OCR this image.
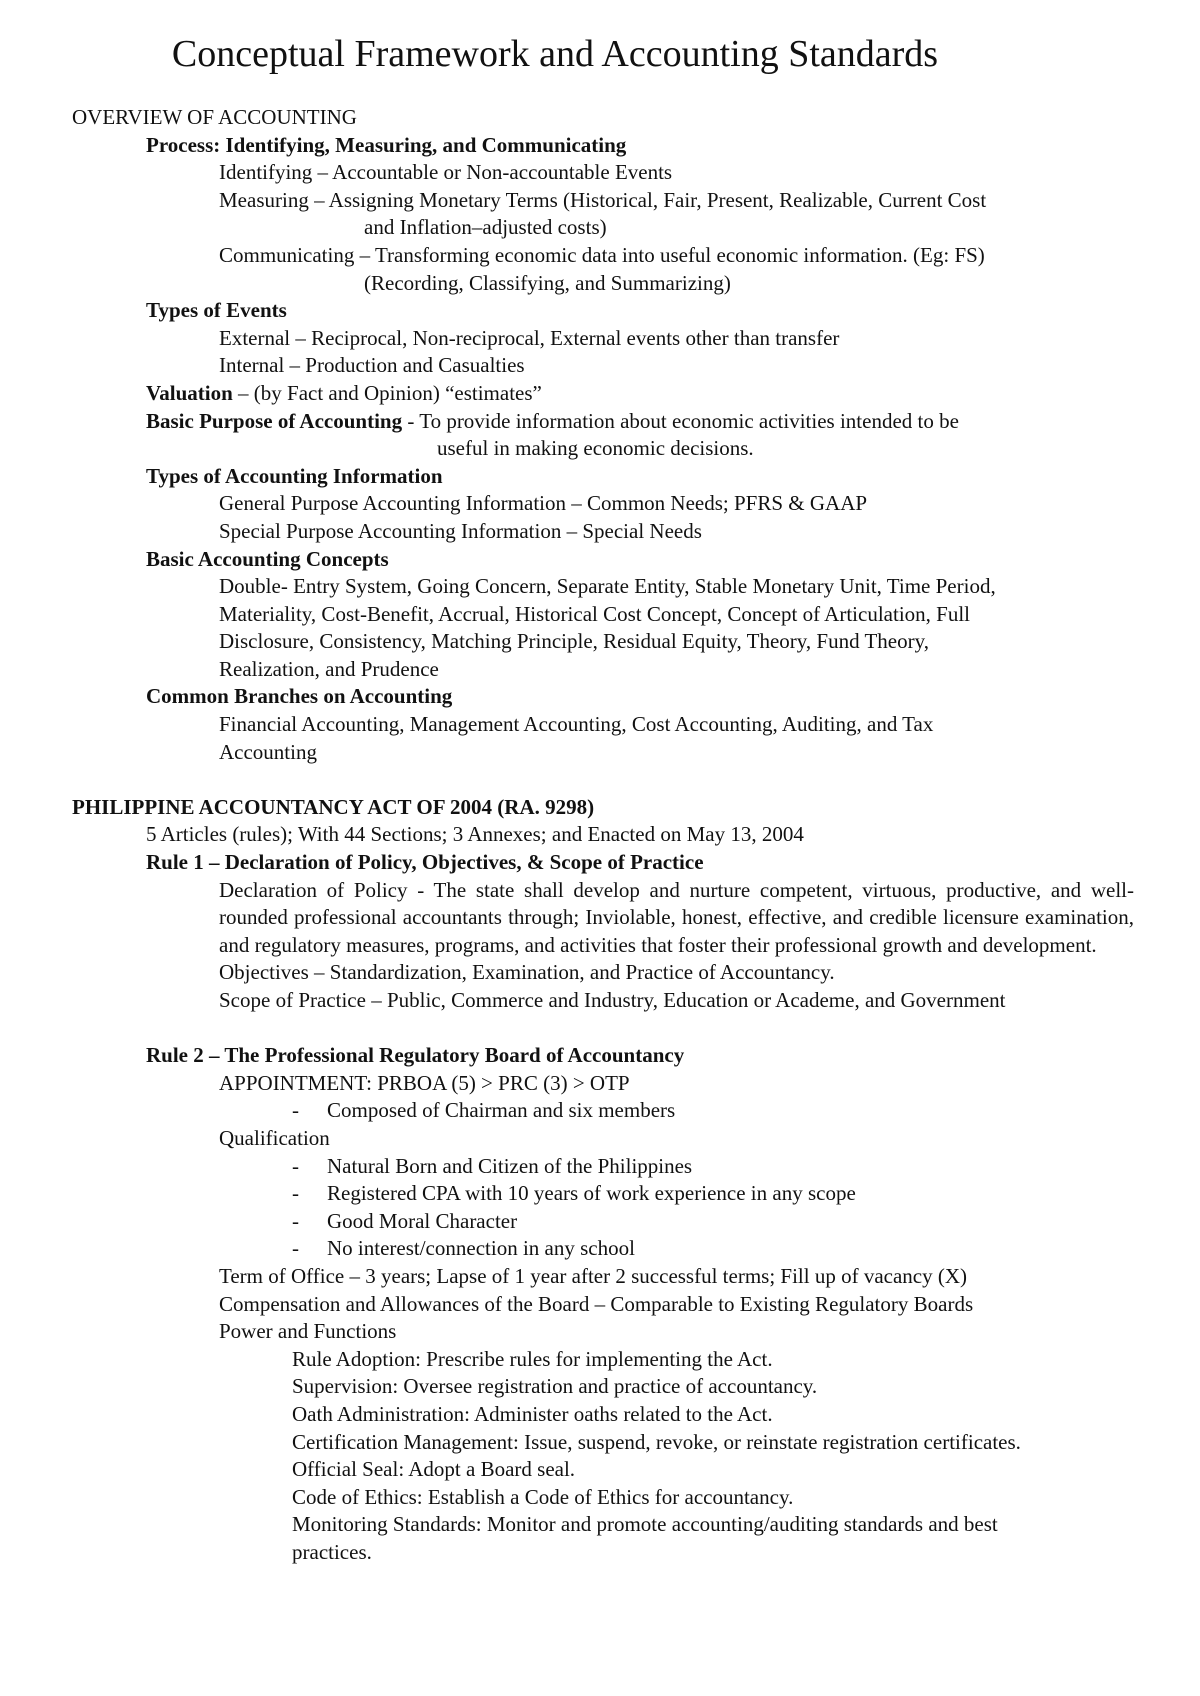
Conceptual Framework and Accounting Standards
OVERVIEW OF ACCOUNTING
Process: Identifying, Measuring, and Communicating
Identifying – Accountable or Non-accountable Events
Measuring – Assigning Monetary Terms (Historical, Fair, Present, Realizable, Current Cost
and Inflation–adjusted costs)
Communicating – Transforming economic data into useful economic information. (Eg: FS)
(Recording, Classifying, and Summarizing)
Types of Events
External – Reciprocal, Non-reciprocal, External events other than transfer
Internal – Production and Casualties
Valuation – (by Fact and Opinion) “estimates”
Basic Purpose of Accounting - To provide information about economic activities intended to be
useful in making economic decisions.
Types of Accounting Information
General Purpose Accounting Information – Common Needs; PFRS & GAAP
Special Purpose Accounting Information – Special Needs
Basic Accounting Concepts
Double- Entry System, Going Concern, Separate Entity, Stable Monetary Unit, Time Period,
Materiality, Cost-Benefit, Accrual, Historical Cost Concept, Concept of Articulation, Full
Disclosure, Consistency, Matching Principle, Residual Equity, Theory, Fund Theory,
Realization, and Prudence
Common Branches on Accounting
Financial Accounting, Management Accounting, Cost Accounting, Auditing, and Tax
Accounting
PHILIPPINE ACCOUNTANCY ACT OF 2004 (RA. 9298)
5 Articles (rules); With 44 Sections; 3 Annexes; and Enacted on May 13, 2004
Rule 1 – Declaration of Policy, Objectives, & Scope of Practice
Declaration of Policy - The state shall develop and nurture competent, virtuous, productive, and well-rounded professional accountants through; Inviolable, honest, effective, and credible licensure examination, and regulatory measures, programs, and activities that foster their professional growth and development.
Objectives – Standardization, Examination, and Practice of Accountancy.
Scope of Practice – Public, Commerce and Industry, Education or Academe, and Government
Rule 2 – The Professional Regulatory Board of Accountancy
APPOINTMENT: PRBOA (5) > PRC (3) > OTP
- Composed of Chairman and six members
Qualification
- Natural Born and Citizen of the Philippines
- Registered CPA with 10 years of work experience in any scope
- Good Moral Character
- No interest/connection in any school
Term of Office – 3 years; Lapse of 1 year after 2 successful terms; Fill up of vacancy (X)
Compensation and Allowances of the Board – Comparable to Existing Regulatory Boards
Power and Functions
Rule Adoption: Prescribe rules for implementing the Act.
Supervision: Oversee registration and practice of accountancy.
Oath Administration: Administer oaths related to the Act.
Certification Management: Issue, suspend, revoke, or reinstate registration certificates.
Official Seal: Adopt a Board seal.
Code of Ethics: Establish a Code of Ethics for accountancy.
Monitoring Standards: Monitor and promote accounting/auditing standards and best
practices.
